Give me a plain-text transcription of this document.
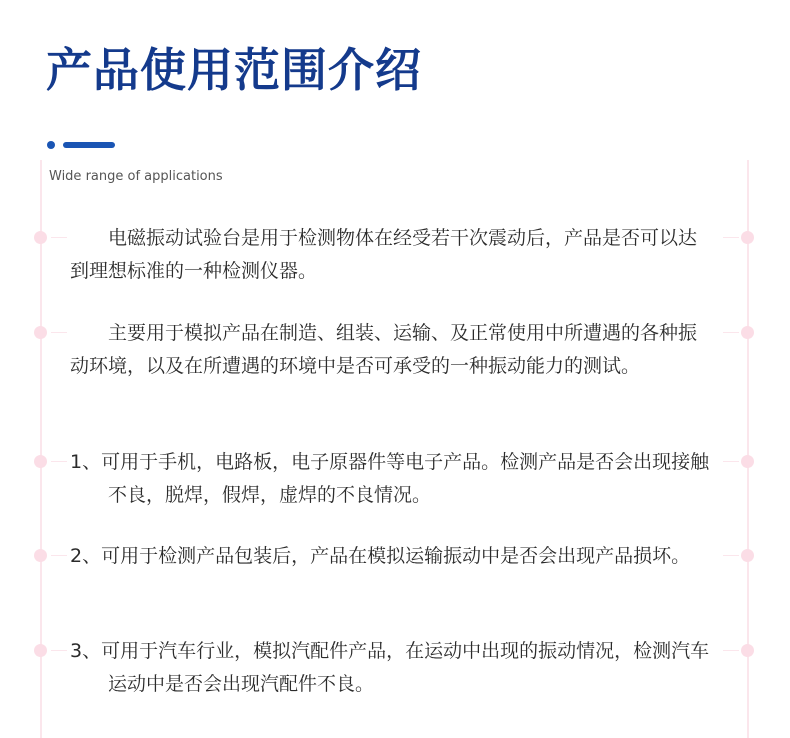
产品使用范围介绍
Wide range of applications

电磁振动试验台是用于检测物体在经受若干次震动后，产品是否可以达到理想标准的一种检测仪器。

主要用于模拟产品在制造、组装、运输、及正常使用中所遭遇的各种振动环境，以及在所遭遇的环境中是否可承受的一种振动能力的测试。

1、可用于手机，电路板，电子原器件等电子产品。检测产品是否会出现接触不良，脱焊，假焊，虚焊的不良情况。

2、可用于检测产品包装后，产品在模拟运输振动中是否会出现产品损坏。

3、可用于汽车行业，模拟汽配件产品，在运动中出现的振动情况，检测汽车运动中是否会出现汽配件不良。
